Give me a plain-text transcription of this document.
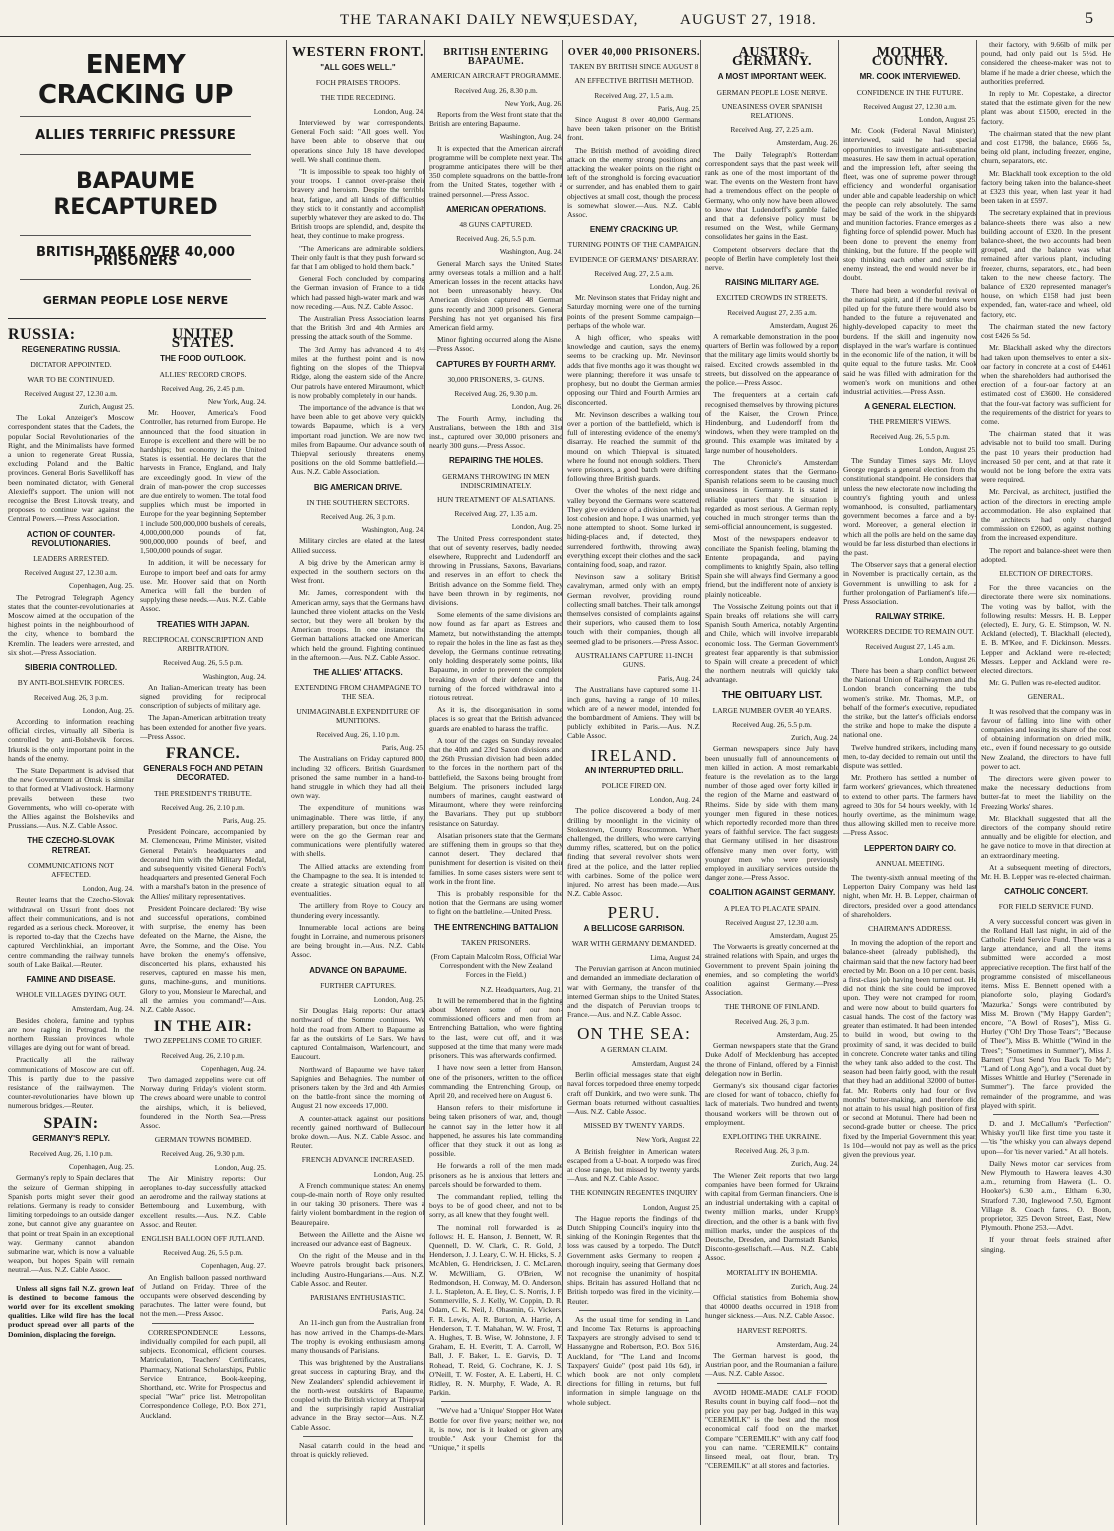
THE TARANAKI DAILY NEWS,
TUESDAY,	AUGUST 27, 1918.	5
ENEMY CRACKING UP
ALLIES TERRIFIC PRESSURE
BAPAUME RECAPTURED
BRITISH TAKE OVER 40,000 PRISONERS
GERMAN PEOPLE LOSE NERVE
RUSSIA:
REGENERATING RUSSIA.
DICTATOR APPOINTED.
WAR TO BE CONTINUED.
Received August 27, 12.30 a.m.
Zurich, August 25.

The Lokal Anzeiger's Moscow correspondent states that the Cadets, the popular Social Revolutionaries of the Right, and the Minimalists have formed a union to regenerate Great Russia, excluding Poland and the Baltic provinces. General Boris Savellikoff has been nominated dictator, with General Alexieff's support. The union will not recognise the Brest Litovsk treaty, and proposes to continue war against the Central Powers.—Press Association.

ACTION OF COUNTER-REVOLUTIONARIES.
LEADERS ARRESTED.
Received August 27, 12.30 a.m.
Copenhagen, Aug. 25.

The Petrograd Telegraph Agency states that the counter-revolutionaries at Moscow aimed at the occupation of the highest points in the neighbourhood of the city, whence to bombard the Kremlin. The leaders were arrested, and six shot.—Press Association.

SIBERIA CONTROLLED.
BY ANTI-BOLSHEVIK FORCES.
Received Aug. 26, 3 p.m.
London, Aug. 25.

According to information reaching official circles, virtually all Siberia is controlled by anti-Bolshevik forces. Irkutsk is the only important point in the hands of the enemy.

The State Department is advised that the new Government at Omsk is similar to that formed at Vladivostock. Harmony prevails between these two Governments, who will co-operate with the Allies against the Bolsheviks and Prussians.—Aus. N.Z. Cable Assoc.

THE CZECHO-SLOVAK RETREAT.
COMMUNICATIONS NOT AFFECTED.
London, Aug. 24.

Reuter learns that the Czecho-Slovak withdrawal on Ussuri front does not affect their communications, and is not regarded as a serious check. Moreover, it is reported to-day that the Czechs have captured Verchlinkhiai, an important centre commanding the railway tunnels south of Lake Baikal.—Reuter.

FAMINE AND DISEASE.
WHOLE VILLAGES DYING OUT.
Amsterdam, Aug. 24.

Besides cholera, famine and typhus are now raging in Petrograd. In the northern Russian provinces whole villages are dying out for want of bread.

Practically all the railway communications of Moscow are cut off. This is partly due to the passive resistance of the railwaymen. The counter-revolutionaries have blown up numerous bridges.—Reuter.

SPAIN:
GERMANY'S REPLY.
Received Aug. 26, 1.10 p.m.
Copenhagen, Aug. 25.

Germany's reply to Spain declares that the seizure of German shipping in Spanish ports might sever their good relations. Germany is ready to consider limiting torpedoings to an outside danger zone, but cannot give any guarantee on that point or treat Spain in an exceptional way. Germany cannot abandon submarine war, which is now a valuable weapon, but hopes Spain will remain neutral.—Aus. N.Z. Cable Assoc.

Unless all signs fail N.Z. grown leaf is destined to become famous the world over for its excellent smoking qualities. Like wild fire has the local product spread over all parts of the Dominion, displacing the foreign.

UNITED STATES.
THE FOOD OUTLOOK.
ALLIES' RECORD CROPS.
Received Aug. 26, 2.45 p.m.
New York, Aug. 24.

Mr. Hoover, America's Food Controller, has returned from Europe. He announced that the food situation in Europe is excellent and there will be no hardships; but economy in the United States is essential. He declares that the harvests in France, England, and Italy are exceedingly good. In view of the drain of man-power the crop successes are due entirely to women. The total food supplies which must be imported in Europe for the year beginning September 1 include 500,000,000 bushels of cereals, 4,000,000,000 pounds of fat, 900,000,000 pounds of beef, and 1,500,000 pounds of sugar.

In addition, it will be necessary for Europe to import beef and oats for army use. Mr. Hoover said that on North America will fall the burden of supplying these needs.—Aus. N.Z. Cable Assoc.

TREATIES WITH JAPAN.
RECIPROCAL CONSCRIPTION AND ARBITRATION.
Received Aug. 26, 5.5 p.m.
Washington, Aug. 24.

An Italian-American treaty has been signed providing for reciprocal conscription of subjects of military age.

The Japan-American arbitration treaty has been extended for another five years.—Press Assoc.

FRANCE.
GENERALS FOCH AND PETAIN DECORATED.
THE PRESIDENT'S TRIBUTE.
Received Aug. 26, 2.10 p.m.
Paris, Aug. 25.

President Poincare, accompanied by M. Clemenceau, Prime Minister, visited General Petain's headquarters and decorated him with the Military Medal, and subsequently visited General Foch's headquarters and presented General Foch with a marshal's baton in the presence of the Allies' military representatives.

President Poincare declared: 'By wise and successful operations, combined with surprise, the enemy has been defeated on the Marne, the Aisne, the Avre, the Somme, and the Oise. You have broken the enemy's offensive, disconcerted his plans, exhausted his reserves, captured en masse his men, guns, machine-guns, and munitions. Glory to you, Monsieur le Marechal, and all the armies you command!'—Aus. N.Z. Cable Assoc.

IN THE AIR:
TWO ZEPPELINS COME TO GRIEF.
Received Aug. 26, 2.10 p.m.
Copenhagen, Aug. 24.

Two damaged zeppelins were cut off Norway during Friday's violent storm. The crews aboard were unable to control the airships, which, it is believed, foundered in the North Sea.—Press Assoc.

GERMAN TOWNS BOMBED.
Received Aug. 26, 9.30 p.m.
London, Aug. 25.

The Air Ministry reports: Our aeroplanes to-day successfully attacked an aerodrome and the railway stations at Bettembourg and Luxemburg, with excellent results.—Aus. N.Z. Cable Assoc. and Reuter.

ENGLISH BALLOON OFF JUTLAND.
Received Aug. 26, 5.5 p.m.
Copenhagen, Aug. 27.

An English balloon passed northward of Jutland on Friday. Three of the occupants were observed descending by parachutes. The latter were found, but not the men.—Press Assoc.

CORRESPONDENCE Lessons, individually compiled for each pupil, all subjects. Economical, efficient courses. Matriculation, Teachers' Certificates, Pharmacy, National Scholarships, Public Service Entrance, Book-keeping, Shorthand, etc. Write for Prospectus and special "War" price list. Metropolitan Correspondence College, P.O. Box 271, Auckland.

WESTERN FRONT.
"ALL GOES WELL."
FOCH PRAISES TROOPS.
THE TIDE RECEDING.
London, Aug. 24.

Interviewed by war correspondents, General Foch said: "All goes well. You have been able to observe that our operations since July 18 have developed well. We shall continue them.

"It is impossible to speak too highly of your troops. I cannot over-praise their bravery and heroism. Despite the terrible heat, fatigue, and all kinds of difficulties they stick to it constantly and accomplish superbly whatever they are asked to do. The British troops are splendid, and, despite the heat, they continue to make progress.

"The Americans are admirable soldiers. Their only fault is that they push forward so far that I am obliged to hold them back."

General Foch concluded by comparing the German invasion of France to a tide which had passed high-water mark and was now receding.—Aus. N.Z. Cable Assoc.

The Australian Press Association learns that the British 3rd and 4th Armies are pressing the attack south of the Somme.

The 3rd Army has advanced 4 to 4½ miles at the furthest point and is now fighting on the slopes of the Thiepval Ridge, along the eastern side of the Ancre. Our patrols have entered Miraumont, which is now probably completely in our hands.

The importance of the advance is that we have been able to get above very quickly towards Bapaume, which is a very important road junction. We are now two miles from Bapaume. Our advance south of Thiepval seriously threatens enemy positions on the old Somme battlefield.—Aus. N.Z. Cable Association.

BIG AMERICAN DRIVE.
IN THE SOUTHERN SECTORS.
Received Aug. 26, 3 p.m.
Washington, Aug. 24.

Military circles are elated at the latest Allied success.

A big drive by the American army is expected in the southern sectors on the West front.

Mr. James, correspondent with the American army, says that the Germans have launched three violent attacks on the Vesle sector, but they were all broken by the American troops. In one instance the German battalions attacked one American, which held the ground. Fighting continued in the afternoon.—Aus. N.Z. Cable Assoc.

THE ALLIES' ATTACKS.
EXTENDING FROM CHAMPAGNE TO THE SEA.
UNIMAGINABLE EXPENDITURE OF MUNITIONS.
Received Aug. 26, 1.10 p.m.
Paris, Aug. 25.

The Australians on Friday captured 800, including 32 officers. British Guardsmen prisoned the same number in a hand-to-hand struggle in which they had all their own way.

The expenditure of munitions was unimaginable. There was little, if any, artillery preparation, but once the infantry were on the go the German rear and communications were plentifully watered with shells.

The Allied attacks are extending from the Champagne to the sea. It is intended to create a strategic situation equal to all eventualities.

The artillery from Roye to Coucy are thundering every incessantly.

Innumerable local actions are being fought in Lorraine, and numerous prisoners are being brought in.—Aus. N.Z. Cable Assoc.

ADVANCE ON BAPAUME.
FURTHER CAPTURES.
London, Aug. 25.

Sir Douglas Haig reports: Our attack northward of the Somme continues. We hold the road from Albert to Bapaume as far as the outskirts of Le Sars. We have captured Contalmaison, Warlencourt, and Eaucourt.

Northward of Bapaume we have taken Sapignies and Behagnies. The number of prisoners taken by the 3rd and 4th Armies on the battle-front since the morning of August 21 now exceeds 17,000.

A counter-attack against our positions recently gained northward of Bullecourt broke down.—Aus. N.Z. Cable Assoc. and Reuter.

FRENCH ADVANCE INCREASED.
London, Aug. 25.

A French communique states: An enemy coup-de-main north of Roye only resulted in our taking 30 prisoners. There was a fairly violent bombardment in the region of Beaurepaire.

Between the Aillette and the Aisne we increased our advance east of Bagneux.

On the right of the Meuse and in the Woevre patrols brought back prisoners, including Austro-Hungarians.—Aus. N.Z. Cable Assoc. and Reuter.

PARISIANS ENTHUSIASTIC.
Paris, Aug. 24.

An 11-inch gun from the Australian front has now arrived in the Champs-de-Mars. The trophy is evoking enthusiasm among many thousands of Parisians.

This was brightened by the Australians' great success in capturing Bray, and the New Zealanders' splendid achievement in the north-west outskirts of Bapaume, coupled with the British victory at Thiepval and the surprisingly rapid Australian advance in the Bray sector—Aus. N.Z. Cable Assoc.

Nasal catarrh could in the head and throat is quickly relieved.

BRITISH ENTERING BAPAUME.
AMERICAN AIRCRAFT PROGRAMME.
Received Aug. 26, 8.30 p.m.
New York, Aug. 26.

Reports from the West front state that the British are entering Bapaume.

Washington, Aug. 24.

It is expected that the American aircraft programme will be complete next year. The programme anticipates there will be then 350 complete squadrons on the battle-front from the United States, together with a trained personnel.—Press Assoc.

AMERICAN OPERATIONS.
48 GUNS CAPTURED.
Received Aug. 26, 5.5 p.m.
Washington, Aug. 24.

General March says the United States army overseas totals a million and a half. American losses in the recent attacks have not been unreasonably heavy. One American division captured 48 German guns recently and 3000 prisoners. General Pershing has not yet organised his first American field army.

Minor fighting occurred along the Aisne.—Press Assoc.

CAPTURES BY FOURTH ARMY.
30,000 PRISONERS, 3- GUNS.
Received Aug. 26, 9.30 p.m.
London, Aug. 26.

The Fourth Army, including the Australians, between the 18th and 31st inst., captured over 30,000 prisoners and nearly 300 guns.—Press Assoc.

REPAIRING THE HOLES.
GERMANS THROWING IN MEN INDISCRIMINATELY.
HUN TREATMENT OF ALSATIANS.
Received Aug. 27, 1.35 a.m.
London, Aug. 25.

The United Press correspondent states that out of seventy reserves, badly needed elsewhere, Rupprecht and Ludendorff are throwing in Prussians, Saxons, Bavarians, and reserves in an effort to check the British advance on the Somme field. They have been thrown in by regiments, not divisions.

Some elements of the same divisions are now found as far apart as Estrees and Mametz, but notwithstanding the attempts to repair the holes in the line as fast as they develop, the Germans continue retreating, only holding desperately some points, like Bapaume, in order to prevent the complete breaking down of their defence and the turning of the forced withdrawal into a riotous retreat.

As it is, the disorganisation in some places is so great that the British advanced guards are enabled to harass the traffic.

A tour of the cages on Sunday revealed that the 40th and 23rd Saxon divisions and the 26th Prussian division had been added to the forces in the northern part of the battlefield, the Saxons being brought from Belgium. The prisoners included large numbers of marines, caught eastward of Miraumont, where they were reinforcing the Bavarians. They put up stubborn resistance on Saturday.

Alsatian prisoners state that the Germans are stiffening them in groups so that they cannot desert. They declared that punishment for desertion is visited on their families. In some cases sisters were sent to work in the front line.

This is probably responsible for the notion that the Germans are using women to fight on the battleline.—United Press.

THE ENTRENCHING BATTALION
TAKEN PRISONERS.
(From Captain Malcolm Ross, Official War Correspondent with the New Zealand Forces in the Field.)
N.Z. Headquarters, Aug. 21.

It will be remembered that in the fighting about Meteren some of our non-commissioned officers and men from an Entrenching Battalion, who were fighting to the last, were cut off, and it was supposed at the time that many were made prisoners. This was afterwards confirmed.

I have now seen a letter from Hanson, one of the prisoners, written to the officer commanding the Entrenching Group, on April 20, and received here on August 6.

Hanson refers to their misfortune in being taken prisoners of war, and, though he cannot say in the letter how it all happened, he assures his late commanding officer that they stuck it out as long as possible.

He forwards a roll of the men made prisoners as he is anxious that letters and parcels should be forwarded to them.

The commandant replied, telling the boys to be of good cheer, and not to be sorry, as all knew that they fought well.

The nominal roll forwarded is as follows: H. E. Hanson, J. Bennett, W. R. Quennell, D. W. Clark, C. R. Gold, J. Henderson, J. J. Leary, C. W. H. Hicks, S. J. McAblen, G. Hendricksen, J. C. McLaren, W. McWilliam, G. O'Brien, W. Redmondson, H. Conway, M. O. Anderson, J. L. Stapleton, A. E. Iley, C. S. Norris, J. F. Sommerville, S. J. Kelly, W. Coppin, D. R. Odam, C. K. Neil, J. Ohasmin, G. Vickers, F. R. Lewis, A. R. Burton, A. Harrie, A. Henderson, T. T. Mahahan, W. W. Frost, T. A. Hughes, T. B. Wise, W. Johnstone, J. F. Graham, E. H. Everitt, T. A. Carroll, W. Ball, J. F. Baker, L. E. Garvis, D. T. Rohead, T. Reid, G. Cochrane, K. J. S. O'Neill, T. W. Foster, A. E. Laberti, H. C. Ridley, R. N. Murphy, F. Wade, A. R. Parkin.

"We've had a 'Unique' Stopper Hot Water Bottle for over five years; neither we, nor it, is now, nor is it leaked or given any trouble." Ask your Chemist for the "Unique," it spells

OVER 40,000 PRISONERS.
TAKEN BY BRITISH SINCE AUGUST 8
AN EFFECTIVE BRITISH METHOD.
Received Aug. 27, 1.5 a.m.
Paris, Aug. 25.

Since August 8 over 40,000 Germans have been taken prisoner on the British front.

The British method of avoiding direct attack on the enemy strong positions and attacking the weaker points on the right or left of the stronghold is forcing evacuation or surrender, and has enabled them to gain objectives at small cost, though the process is somewhat slower.—Aus. N.Z. Cable Assoc.

ENEMY CRACKING UP.
TURNING POINTS OF THE CAMPAIGN.
EVIDENCE OF GERMANS' DISARRAY.
Received Aug. 27, 2.5 a.m.
London, Aug. 26.

Mr. Nevinson states that Friday night and Saturday morning were one of the turning points of the present Somme campaign—perhaps of the whole war.

A high officer, who speaks with knowledge and caution, says the enemy seems to be cracking up. Mr. Nevinson adds that five months ago it was thought we were planning; therefore it was unsafe to prophesy, but no doubt the German armies opposing our Third and Fourth Armies are disconcerted.

Mr. Nevinson describes a walking tour over a portion of the battlefield, which is full of interesting evidence of the enemy's disarray. He reached the summit of the mound on which Thiepval is situated, where he found not enough soldiers. There were prisoners, a good batch were drifting following three British guards.

Over the wholes of the next ridge and valley beyond the Germans were scattered. They give evidence of a division which has lost cohesion and hope. I was unarmed, yet none attempted to shoot. Some lurked in hiding-places and, if detected, they surrendered forthwith, throwing away everything except their clothes and the sack containing food, soap, and razor.

Nevinson saw a solitary British cavalryman, armed only with an empty German revolver, providing round collecting small batches. Their talk amongst themselves consisted of complaints against their superiors, who caused them to lose touch with their companies, though all seemed glad to be prisoners.—Press Assoc.

AUSTRALIANS CAPTURE 11-INCH GUNS.
Paris, Aug. 24.

The Australians have captured some 11-inch guns, having a range of 10 miles, which are of a newer model, intended for the bombardment of Amiens. They will be publicly exhibited in Paris.—Aus. N.Z. Cable Assoc.

IRELAND.
AN INTERRUPTED DRILL.
POLICE FIRED ON.
London, Aug. 24.

The police discovered a body of men drilling by moonlight in the vicinity of Stokestown, County Roscommon. When challenged, the drillers, who were carrying dummy rifles, scattered, but on the police finding that several revolver shots were fired at the police, and the latter replied with carbines. Some of the police were injured. No arrest has been made.—Aus. N.Z. Cable Assoc.

PERU.
A BELLICOSE GARRISON.
WAR WITH GERMANY DEMANDED.
Lima, August 24.

The Peruvian garrison at Ancon mutinied and demanded an immediate declaration of war with Germany, the transfer of the interned German ships to the United States, and the dispatch of Peruvian troops to France.—Aus. and N.Z. Cable Assoc.

ON THE SEA:
A GERMAN CLAIM.
Amsterdam, August 24.

Berlin official messages state that eight naval forces torpedoed three enemy torpedo craft off Dunkirk, and two were sunk. The German boats returned without casualties.—Aus. N.Z. Cable Assoc.

MISSED BY TWENTY YARDS.
New York, August 22.

A British freighter in American waters escaped from a U-boat. A torpedo was fired at close range, but missed by twenty yards.—Aus. and N.Z. Cable Assoc.

THE KONINGIN REGENTES INQUIRY
London, August 25.

The Hague reports the findings of the Dutch Shipping Council's inquiry into the sinking of the Koningin Regentes that the loss was caused by a torpedo. The Dutch Government asks Germany to reopen a thorough inquiry, seeing that Germany does not recognise the unanimity of hospital ships. Britain has assured Holland that no British torpedo was fired in the vicinity.—Reuter.

As the usual time for sending in Land and Income Tax Returns is approaching Taxpayers are strongly advised to send to Hassanygne and Robertson, P.O. Box 516, Auckland, for "The Land and Income Taxpayers' Guide" (post paid 10s 6d), in which book are not only complete directions for filling in returns, but full information in simple language on the whole subject.

AUSTRO-GERMANY.
A MOST IMPORTANT WEEK.
GERMAN PEOPLE LOSE NERVE.
UNEASINESS OVER SPANISH RELATIONS.
Received Aug. 27, 2.25 a.m.
Amsterdam, Aug. 26.

The Daily Telegraph's Rotterdam correspondent says that the past week will rank as one of the most important of the war. The events on the Western front have had a tremendous effect on the people of Germany, who only now have been allowed to know that Ludendorff's gamble failed and that a defensive policy must be resumed on the West, while Germany consolidates her gains in the East.

Competent observers declare that the people of Berlin have completely lost their nerve.

RAISING MILITARY AGE.
EXCITED CROWDS IN STREETS.
Received August 27, 2.35 a.m.
Amsterdam, August 26.

A remarkable demonstration in the poor quarters of Berlin was followed by a report that the military age limits would shortly be raised. Excited crowds assembled in the streets, but dissolved on the appearance of the police.—Press Assoc.

The frequenters at a certain cafe recognised themselves by throwing pictures of the Kaiser, the Crown Prince, Hindenburg, and Ludendorff from the windows, when they were trampled on the ground. This example was imitated by a large number of householders.

The Chronicle's Amsterdam correspondent states that the Germano-Spanish relations seem to be causing much uneasiness in Germany. It is stated in reliable quarters that the situation is regarded as most serious. A German reply, couched in much stronger terms than the semi-official announcement, is suggested.

Most of the newspapers endeavor to conciliate the Spanish feeling, blaming the Entente propaganda, and paying compliments to knightly Spain, also telling Spain she will always find Germany a good friend, but the indifferent note of anxiety is plainly noticeable.

The Vossische Zeitung points out that if Spain breaks off relations she will carry Spanish South America, notably Argentina and Chile, which will involve irreparable economic loss. The German Government's greatest fear apparently is that submission to Spain will create a precedent of which the northern neutrals will quickly take advantage.

THE OBITUARY LIST.
LARGE NUMBER OVER 40 YEARS.
Received Aug. 26, 5.5 p.m.
Zurich, Aug. 24.

German newspapers since July have been unusually full of announcements of men killed in action. A most remarkable feature is the revelation as to the large number of those aged over forty killed in the region of the Marne and eastward of Rheims. Side by side with them many younger men figured in these notices, which reportedly recorded more than three years of faithful service. The fact suggests that Germany utilised in her disastrous offensive many men over forty, with younger men who were previously employed in auxiliary services outside the danger zone.—Press Assoc.

COALITION AGAINST GERMANY.
A PLEA TO PLACATE SPAIN.
Received August 27, 12.30 a.m.
Amsterdam, August 25.

The Vorwaerts is greatly concerned at the strained relations with Spain, and urges the Government to prevent Spain joining the enemies, and so completing the world's coalition against Germany.—Press Association.

THE THRONE OF FINLAND.
Received Aug. 26, 3 p.m.
Amsterdam, Aug. 25.

German newspapers state that the Grand Duke Adolf of Mecklenburg has accepted the throne of Finland, offered by a Finnish delegation now in Berlin.

Germany's six thousand cigar factories are closed for want of tobacco, chiefly for lack of materials. Two hundred and twenty thousand workers will be thrown out of employment.

EXPLOITING THE UKRAINE.
Received Aug. 26, 3 p.m.
Zurich, Aug. 24.

The Wiener Zeit reports that two large companies have been formed for Ukraine with capital from German financiers. One is an industrial undertaking with a capital of twenty million marks, under Krupp's direction, and the other is a bank with five million marks, under the auspices of the Deutsche, Dresden, and Darmstadt Banks, Disconto-gesellschaft.—Aus. N.Z. Cable Assoc.

MORTALITY IN BOHEMIA.
Zurich, Aug. 24.

Official statistics from Bohemia show that 40000 deaths occurred in 1918 from hunger sickness.—Aus. N.Z. Cable Assoc.

HARVEST REPORTS.
Amsterdam, Aug. 24.

The German harvest is good, the Austrian poor, and the Roumanian a failure.—Aus. N.Z. Cable Assoc.

AVOID HOME-MADE CALF FOOD. Results count in buying calf food—not the price you pay per bag. Judged in this way "CEREMILK" is the best and the most economical calf food on the market. Compare "CEREMILK" with any calf food you can name. "CEREMILK" contains linseed meal, oat flour, bran. Try "CEREMILK" at all stores and factories.

MOTHER COUNTRY.
MR. COOK INTERVIEWED.
CONFIDENCE IN THE FUTURE.
Received August 27, 12.30 a.m.
London, August 25.

Mr. Cook (Federal Naval Minister), interviewed, said he had special opportunities to investigate anti-submarine measures. He saw them in actual operation, and the impression left, after seeing the fleet, was one of supreme power through efficiency and wonderful organisation under able and capable leadership on which the people can rely absolutely. The same may be said of the work in the shipyards and munition factories. France emerges as a fighting force of splendid power. Much has been done to prevent the enemy from thinking, but the future. If the people will stop thinking each other and strike the enemy instead, the end would never be in doubt.

There had been a wonderful revival of the national spirit, and if the burdens were piled up for the future there would also be handed to the future a rejuvenated and highly-developed capacity to meet the burdens. If the skill and ingenuity now displayed in the war's warfare is continued in the economic life of the nation, it will be quite equal to the future tasks. Mr. Cook said he was filled with admiration for the women's work on munitions and other industrial activities.—Press Assn.

A GENERAL ELECTION.
THE PREMIER'S VIEWS.
Received Aug. 26, 5.5 p.m.
London, August 25.

The Sunday Times says Mr. Lloyd George regards a general election from the constitutional standpoint. He considers that unless the new electorate now including the country's fighting youth and unless womanhood, is consulted, parliamentary government becomes a farce and a by-word. Moreover, a general election in which all the polls are held on the same day would be far less disturbed than elections in the past.

The Observer says that a general election in November is practically certain, as the Government is unwilling to ask for a further prolongation of Parliament's life.—Press Association.

RAILWAY STRIKE.
WORKERS DECIDE TO REMAIN OUT.
Received August 27, 1.45 a.m.
London, August 26.

There has been a sharp conflict between the National Union of Railwaymen and the London branch concerning the tube women's strike. Mr. Thomas, M.P., on behalf of the former's executive, repudiated the strike, but the latter's officials endorse the strike and hope to make the dispute a national one.

Twelve hundred strikers, including many men, to-day decided to remain out until the dispute was settled.

Mr. Prothero has settled a number of farm workers' grievances, which threatened to extend to other parts. The farmers have agreed to 30s for 54 hours weekly, with 1d hourly overtime, as the minimum wage, thus allowing skilled men to receive more.—Press Assoc.

LEPPERTON DAIRY CO.
ANNUAL MEETING.

The twenty-sixth annual meeting of the Lepperton Dairy Company was held last night, when Mr. H. B. Lepper, chairman of directors, presided over a good attendance of shareholders.

CHAIRMAN'S ADDRESS.

In moving the adoption of the report and balance-sheet (already published), the chairman said that the new factory had been erected by Mr. Boon on a 10 per cent. basis, a first-class job having been turned out. He did not think the site could be improved upon. They were not cramped for room, and were now about to build quarters for casual hands. The cost of the factory was greater than estimated. It had been intended to build in wood, but owing to the proximity of sand, it was decided to build in concrete. Concrete water tanks and tiling the whey tank also added to the cost. The season had been fairly good, with the result that they had an additional 32000 of butter-fat. Mr. Roberts only had four or five months' butter-making, and therefore did not attain to his usual high position of first or second at Motunui. There had been no second-grade butter or cheese. The price fixed by the Imperial Government this year, 1s 10d—would not pay as well as the price given the previous year.

their factory, with 9.66lb of milk per pound, had only paid out 1s 5½d. He considered the cheese-maker was not to blame if he made a drier cheese, which the authorities preferred.

In reply to Mr. Copestake, a director stated that the estimate given for the new plant was about £1500, erected in the factory.

The chairman stated that the new plant and cost £1798, the balance, £666 5s, being old plant, including freezer, engine, churn, separators, etc.

Mr. Blackhall took exception to the old factory being taken into the balance-sheet at £323 this year, when last year it had been taken in at £597.

The secretary explained that in previous balance-sheets there was also a new building account of £320. In the present balance-sheet, the two accounts had been grouped, and the balance was what remained after various plant, including freezer, churns, separators, etc., had been taken to the new cheese factory. The balance of £320 represented manager's house, on which £158 had just been expended, fan, water-race and wheel, old factory, etc.

The chairman stated the new factory cost £426 5s 5d.

Mr. Blackhall asked why the directors had taken upon themselves to enter a six-oar factory in concrete at a cost of £4461 when the shareholders had authorised the erection of a four-oar factory at an estimated cost of £3600. He considered that the four-vat factory was sufficient for the requirements of the district for years to come.

The chairman stated that it was advisable not to build too small. During the past 10 years their production had increased 50 per cent, and at that rate it would not be long before the extra vats were required.

Mr. Percival, as architect, justified the action of the directors in erecting ample accommodation. He also explained that the architects had only charged commission on £2600, as against nothing from the increased expenditure.

The report and balance-sheet were then adopted.

ELECTION OF DIRECTORS.

For the three vacancies on the directorate there were six nominations. The voting was by ballot, with the following results: Messrs. H. B. Lepper (elected), E. Jury, G. E. Stimpson, W. N. Ackland (elected), T. Blackhall (elected), E. B. M'Kee, and F. Dickinson. Messrs. Lepper and Ackland were re-elected; Messrs. Lepper and Ackland were re-elected directors.

Mr. G. Pullen was re-elected auditor.

GENERAL.

It was resolved that the company was in favour of falling into line with other companies and leasing its share of the cost of obtaining information on dried milk, etc., even if found necessary to go outside New Zealand, the directors to have full power to act.

The directors were given power to make the necessary deductions from butter-fat to meet the liability on the Freezing Works' shares.

Mr. Blackhall suggested that all the directors of the company should retire annually and be eligible for election, and he gave notice to move in that direction at an extraordinary meeting.

At a subsequent meeting of directors, Mr. H. B. Lepper was re-elected chairman.

CATHOLIC CONCERT.
FOR FIELD SERVICE FUND.

A very successful concert was given in the Rolland Hall last night, in aid of the Catholic Field Service Fund. There was a large attendance, and all the items submitted were accorded a most appreciative reception. The first half of the programme consisted of miscellaneous items. Miss E. Bennett opened with a pianoforte solo, playing Godard's 'Mazurka.' Songs were contributed by Miss M. Brown ("My Happy Garden"; encore, "A Bowl of Roses"), Miss G. Hurley ("Oh! Dry Those Tears"; "Because of Thee"), Miss B. Whittle ("Wind in the Trees"; "Sometimes in Summer"), Miss J. Barnett ("Just Send You Back To Me"; "Land of Long Ago"), and a vocal duet by Misses Whittle and Hurley ("Serenade in Summer"). The farce provided the remainder of the programme, and was played with spirit.

D. and J. McCallum's "Perfection" Whisky you'll like first time you taste it—'tis "the whisky you can always depend upon—for 'tis never varied." At all hotels.

Daily News motor car services from New Plymouth to Hawera leaves 4.30 a.m., returning from Hawera (L. O. Hooker's) 6.30 a.m., Eltham 6.30, Stratford 7.30, Inglewood 7.50, Egmont Village 8. Coach fares. O. Boon, proprietor, 325 Devon Street, East, New Plymouth. Phone 253.—Advt.

If your throat feels strained after singing.
